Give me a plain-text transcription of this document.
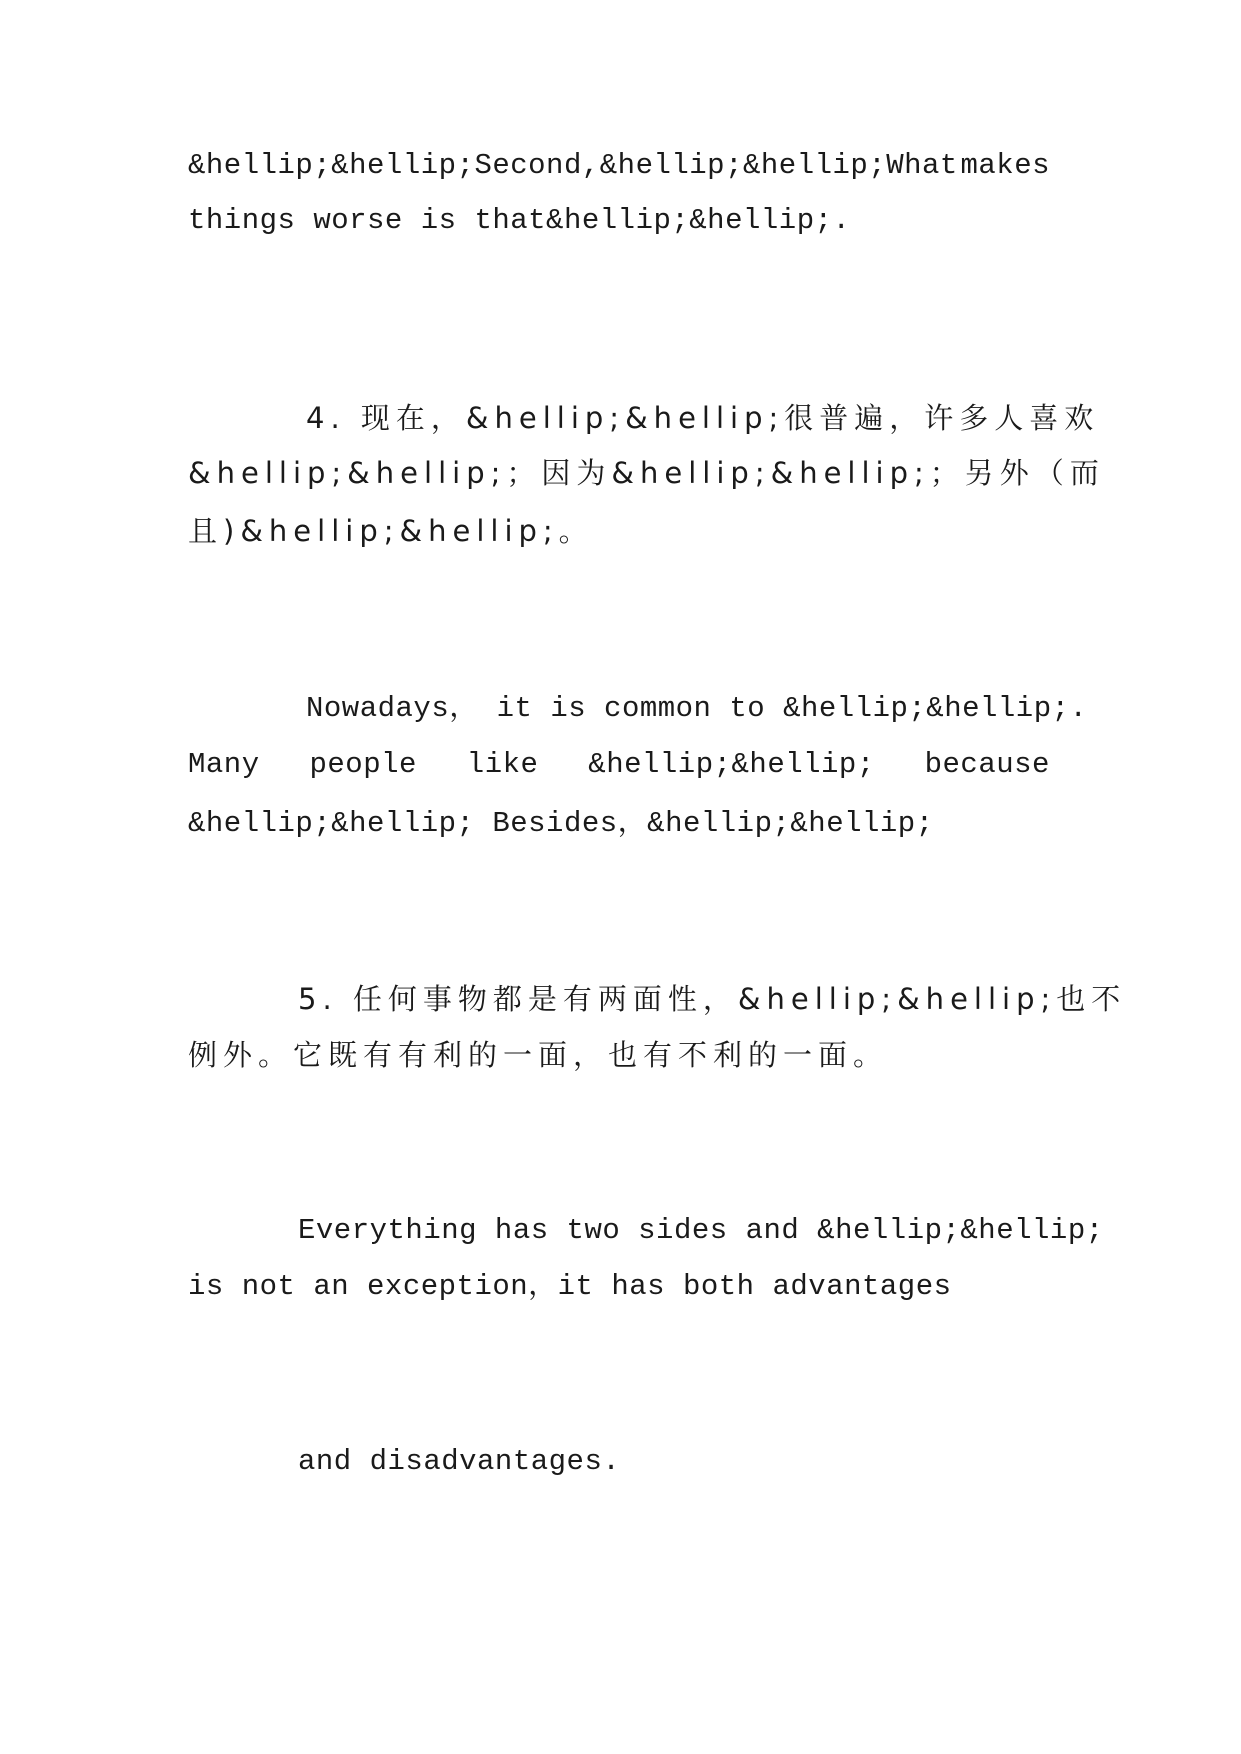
&hellip;&hellip;Second,&hellip;&hellip;What makes
things worse is that&hellip;&hellip;.
4. 现在，&hellip;&hellip;很普遍，许多人喜欢
&hellip;&hellip;； 因 为 &hellip;&hellip;； 另 外（ 而
且)&hellip;&hellip;。
Nowadays， it is common to &hellip;&hellip;.
Many people like &hellip;&hellip; because
&hellip;&hellip; Besides，&hellip;&hellip;
5. 任何事物都是有两面性，&hellip;&hellip;也不
例外。它既有有利的一面，也有不利的一面。
Everything has two sides and &hellip;&hellip;
is not an exception，it has both advantages
and disadvantages.
